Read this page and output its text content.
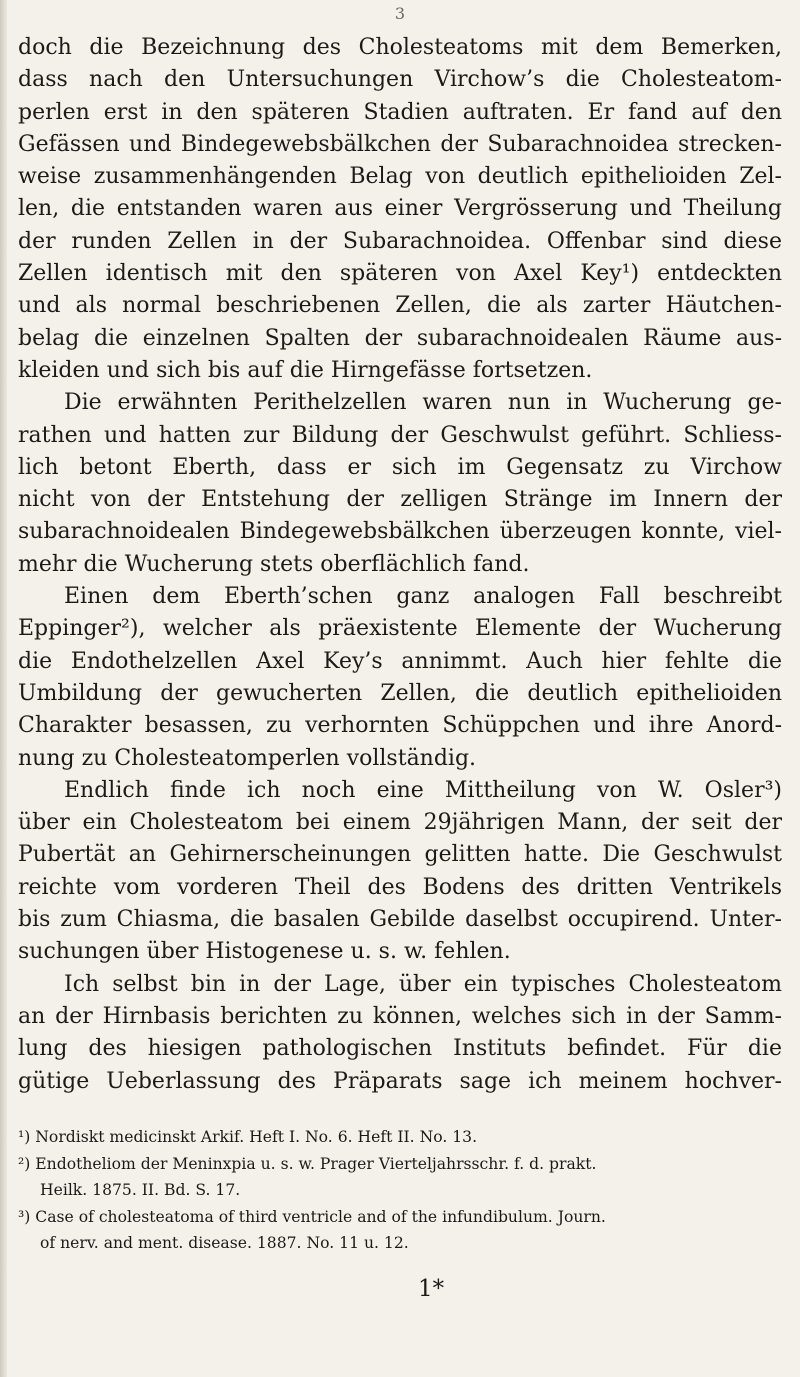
3
doch die Bezeichnung des Cholesteatoms mit dem Bemerken,
dass nach den Untersuchungen Virchow’s die Cholesteatom-
perlen erst in den späteren Stadien auftraten. Er fand auf den
Gefässen und Bindegewebsbälkchen der Subarachnoidea strecken-
weise zusammenhängenden Belag von deutlich epithelioiden Zel-
len, die entstanden waren aus einer Vergrösserung und Theilung
der runden Zellen in der Subarachnoidea. Offenbar sind diese
Zellen identisch mit den späteren von Axel Key¹) entdeckten
und als normal beschriebenen Zellen, die als zarter Häutchen-
belag die einzelnen Spalten der subarachnoidealen Räume aus-
kleiden und sich bis auf die Hirngefässe fortsetzen.
Die erwähnten Perithelzellen waren nun in Wucherung ge-
rathen und hatten zur Bildung der Geschwulst geführt. Schliess-
lich betont Eberth, dass er sich im Gegensatz zu Virchow
nicht von der Entstehung der zelligen Stränge im Innern der
subarachnoidealen Bindegewebsbälkchen überzeugen konnte, viel-
mehr die Wucherung stets oberflächlich fand.
Einen dem Eberth’schen ganz analogen Fall beschreibt
Eppinger²), welcher als präexistente Elemente der Wucherung
die Endothelzellen Axel Key’s annimmt. Auch hier fehlte die
Umbildung der gewucherten Zellen, die deutlich epithelioiden
Charakter besassen, zu verhornten Schüppchen und ihre Anord-
nung zu Cholesteatomperlen vollständig.
Endlich finde ich noch eine Mittheilung von W. Osler³)
über ein Cholesteatom bei einem 29jährigen Mann, der seit der
Pubertät an Gehirnerscheinungen gelitten hatte. Die Geschwulst
reichte vom vorderen Theil des Bodens des dritten Ventrikels
bis zum Chiasma, die basalen Gebilde daselbst occupirend. Unter-
suchungen über Histogenese u. s. w. fehlen.
Ich selbst bin in der Lage, über ein typisches Cholesteatom
an der Hirnbasis berichten zu können, welches sich in der Samm-
lung des hiesigen pathologischen Instituts befindet. Für die
gütige Ueberlassung des Präparats sage ich meinem hochver-
¹) Nordiskt medicinskt Arkif. Heft I. No. 6. Heft II. No. 13.
²) Endotheliom der Meninxpia u. s. w. Prager Vierteljahrsschr. f. d. prakt.
Heilk. 1875. II. Bd. S. 17.
³) Case of cholesteatoma of third ventricle and of the infundibulum. Journ.
of nerv. and ment. disease. 1887. No. 11 u. 12.
1*
